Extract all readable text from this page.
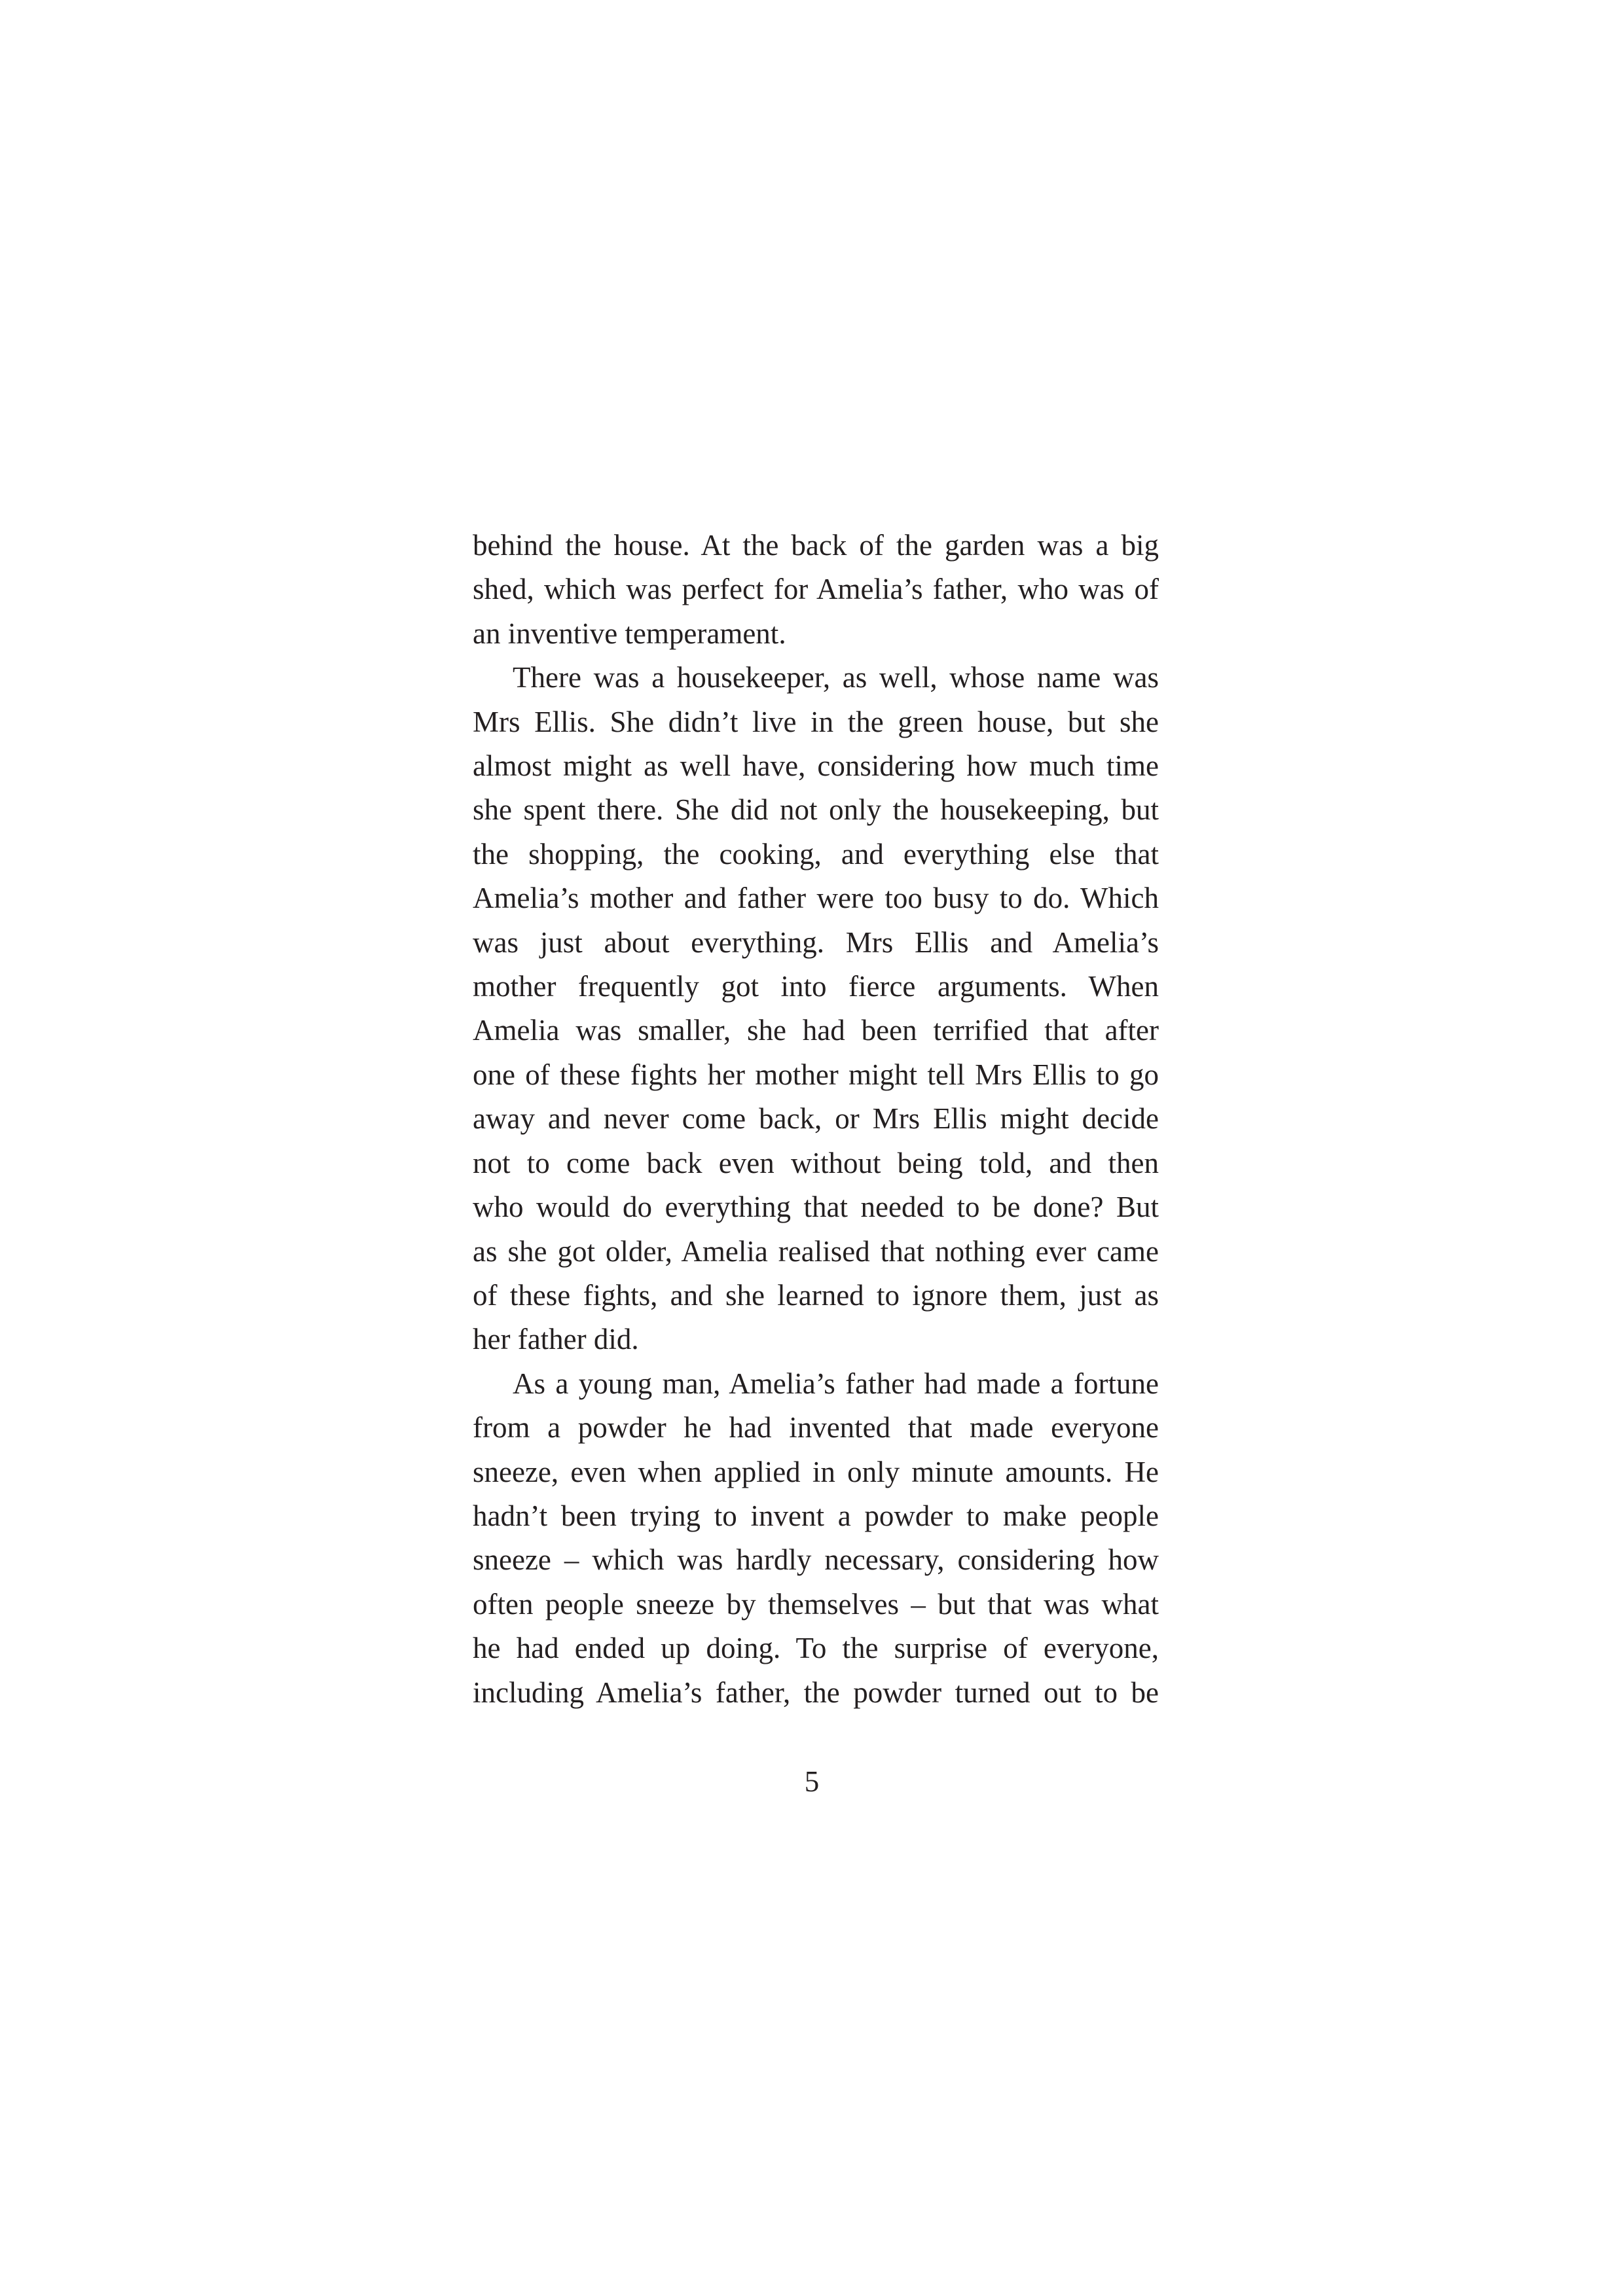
behind the house. At the back of the garden was a big
shed, which was perfect for Amelia’s father, who was of
an inventive temperament.

There was a housekeeper, as well, whose name was
Mrs Ellis. She didn’t live in the green house, but she
almost might as well have, considering how much time
she spent there. She did not only the housekeeping, but
the shopping, the cooking, and everything else that
Amelia’s mother and father were too busy to do. Which
was just about everything. Mrs Ellis and Amelia’s
mother frequently got into fierce arguments. When
Amelia was smaller, she had been terrified that after
one of these fights her mother might tell Mrs Ellis to go
away and never come back, or Mrs Ellis might decide
not to come back even without being told, and then
who would do everything that needed to be done? But
as she got older, Amelia realised that nothing ever came
of these fights, and she learned to ignore them, just as
her father did.

As a young man, Amelia’s father had made a fortune
from a powder he had invented that made everyone
sneeze, even when applied in only minute amounts. He
hadn’t been trying to invent a powder to make people
sneeze – which was hardly necessary, considering how
often people sneeze by themselves – but that was what
he had ended up doing. To the surprise of everyone,
including Amelia’s father, the powder turned out to be

5
